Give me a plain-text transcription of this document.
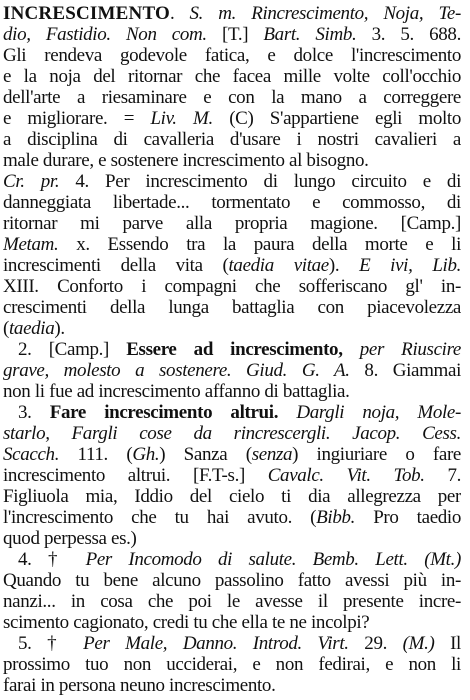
INCRESCIMENTO. S. m. Rincrescimento, Noja, Te-
dio, Fastidio. Non com. [T.] Bart. Simb. 3. 5. 688.
Gli rendeva godevole fatica, e dolce l'increscimento
e la noja del ritornar che facea mille volte coll'occhio
dell'arte a riesaminare e con la mano a correggere
e migliorare. = Liv. M. (C) S'appartiene egli molto
a disciplina di cavalleria d'usare i nostri cavalieri a
male durare, e sostenere increscimento al bisogno.
Cr. pr. 4. Per increscimento di lungo circuito e di
danneggiata libertade... tormentato e commosso, di
ritornar mi parve alla propria magione. [Camp.]
Metam. x. Essendo tra la paura della morte e li
increscimenti della vita (taedia vitae). E ivi, Lib.
XIII. Conforto i compagni che sofferiscano gl' in-
crescimenti della lunga battaglia con piacevolezza
(taedia).
2. [Camp.] Essere ad increscimento, per Riuscire
grave, molesto a sostenere. Giud. G. A. 8. Giammai
non li fue ad increscimento affanno di battaglia.
3. Fare increscimento altrui. Dargli noja, Mole-
starlo, Fargli cose da rincrescergli. Jacop. Cess.
Scacch. 111. (Gh.) Sanza (senza) ingiuriare o fare
increscimento altrui. [F.T-s.] Cavalc. Vit. Tob. 7.
Figliuola mia, Iddio del cielo ti dia allegrezza per
l'increscimento che tu hai avuto. (Bibb. Pro taedio
quod perpessa es.)
4. † Per Incomodo di salute. Bemb. Lett. (Mt.)
Quando tu bene alcuno passolino fatto avessi più in-
nanzi... in cosa che poi le avesse il presente incre-
scimento cagionato, credi tu che ella te ne incolpi?
5. † Per Male, Danno. Introd. Virt. 29. (M.) Il
prossimo tuo non ucciderai, e non fedirai, e non li
farai in persona neuno increscimento.
